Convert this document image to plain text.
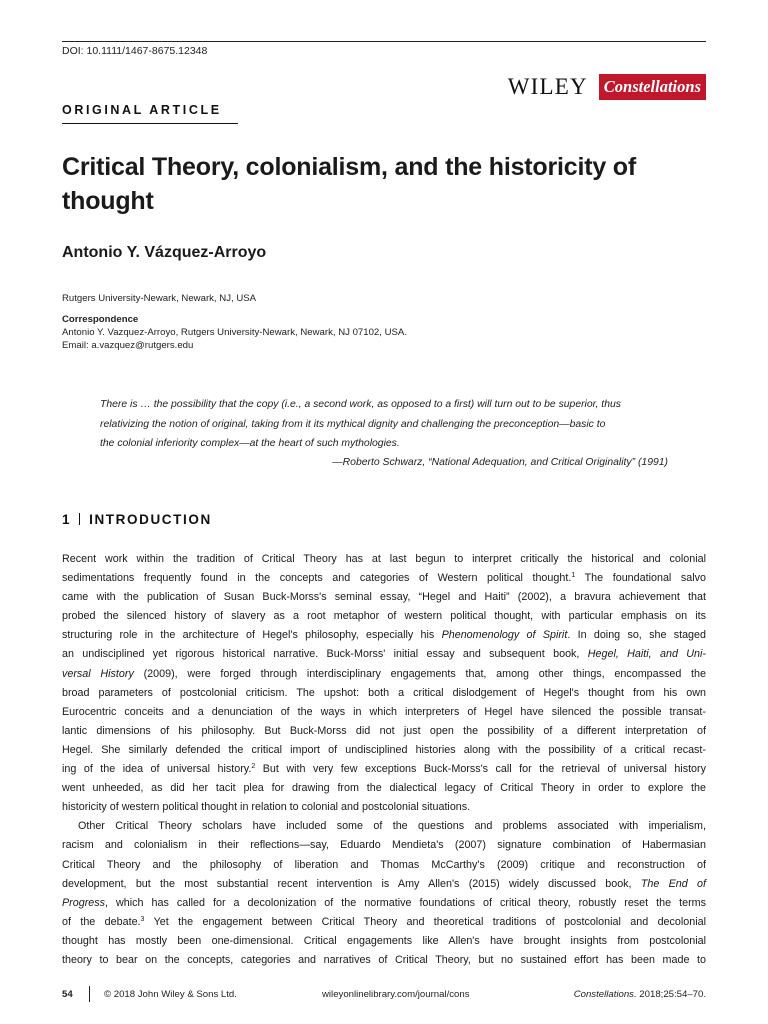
DOI: 10.1111/1467-8675.12348
WILEY Constellations
ORIGINAL ARTICLE
Critical Theory, colonialism, and the historicity of thought
Antonio Y. Vázquez-Arroyo
Rutgers University-Newark, Newark, NJ, USA
Correspondence
Antonio Y. Vazquez-Arroyo, Rutgers University-Newark, Newark, NJ 07102, USA.
Email: a.vazquez@rutgers.edu
There is … the possibility that the copy (i.e., a second work, as opposed to a first) will turn out to be superior, thus
relativizing the notion of original, taking from it its mythical dignity and challenging the preconception—basic to
the colonial inferiority complex—at the heart of such mythologies.
—Roberto Schwarz, “National Adequation, and Critical Originality” (1991)
1 INTRODUCTION
Recent work within the tradition of Critical Theory has at last begun to interpret critically the historical and colonial
sedimentations frequently found in the concepts and categories of Western political thought.$^1$ The foundational salvo
came with the publication of Susan Buck-Morss's seminal essay, “Hegel and Haiti” (2002), a bravura achievement that
probed the silenced history of slavery as a root metaphor of western political thought, with particular emphasis on its
structuring role in the architecture of Hegel's philosophy, especially his Phenomenology of Spirit. In doing so, she staged
an undisciplined yet rigorous historical narrative. Buck-Morss' initial essay and subsequent book, Hegel, Haiti, and Uni-
versal History (2009), were forged through interdisciplinary engagements that, among other things, encompassed the
broad parameters of postcolonial criticism. The upshot: both a critical dislodgement of Hegel's thought from his own
Eurocentric conceits and a denunciation of the ways in which interpreters of Hegel have silenced the possible transat-
lantic dimensions of his philosophy. But Buck-Morss did not just open the possibility of a different interpretation of
Hegel. She similarly defended the critical import of undisciplined histories along with the possibility of a critical recast-
ing of the idea of universal history.$^2$ But with very few exceptions Buck-Morss's call for the retrieval of universal history
went unheeded, as did her tacit plea for drawing from the dialectical legacy of Critical Theory in order to explore the
historicity of western political thought in relation to colonial and postcolonial situations.
Other Critical Theory scholars have included some of the questions and problems associated with imperialism,
racism and colonialism in their reflections—say, Eduardo Mendieta's (2007) signature combination of Habermasian
Critical Theory and the philosophy of liberation and Thomas McCarthy's (2009) critique and reconstruction of
development, but the most substantial recent intervention is Amy Allen's (2015) widely discussed book, The End of
Progress, which has called for a decolonization of the normative foundations of critical theory, robustly reset the terms
of the debate.$^3$ Yet the engagement between Critical Theory and theoretical traditions of postcolonial and decolonial
thought has mostly been one-dimensional. Critical engagements like Allen's have brought insights from postcolonial
theory to bear on the concepts, categories and narratives of Critical Theory, but no sustained effort has been made to
54	© 2018 John Wiley & Sons Ltd.	wileyonlinelibrary.com/journal/cons	Constellations. 2018;25:54–70.
